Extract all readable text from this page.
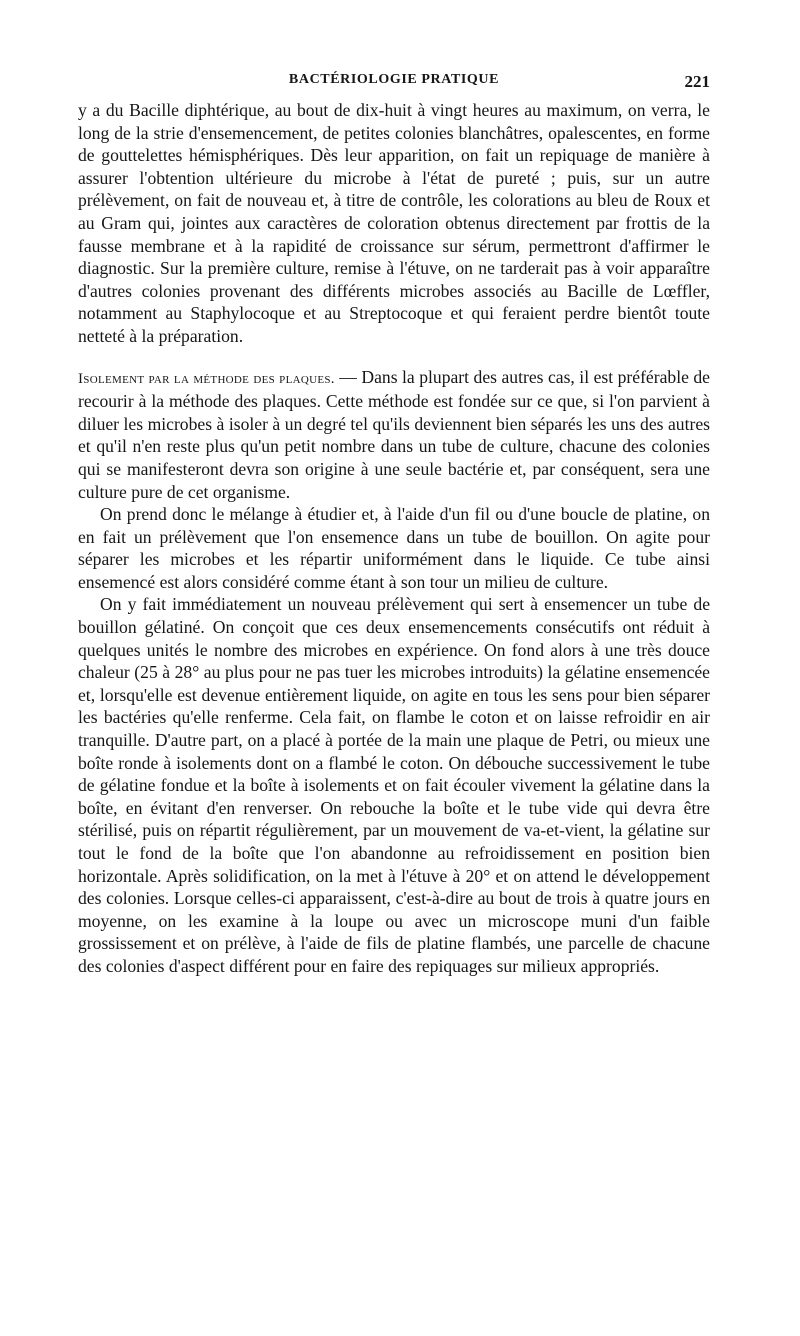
BACTÉRIOLOGIE PRATIQUE	221

y a du Bacille diphtérique, au bout de dix-huit à vingt heures au maximum, on verra, le long de la strie d'ensemencement, de petites colonies blanchâtres, opalescentes, en forme de gouttelettes hémisphériques. Dès leur apparition, on fait un repiquage de manière à assurer l'obtention ultérieure du microbe à l'état de pureté ; puis, sur un autre prélèvement, on fait de nouveau et, à titre de contrôle, les colorations au bleu de Roux et au Gram qui, jointes aux caractères de coloration obtenus directement par frottis de la fausse membrane et à la rapidité de croissance sur sérum, permettront d'affirmer le diagnostic. Sur la première culture, remise à l'étuve, on ne tarderait pas à voir apparaître d'autres colonies provenant des différents microbes associés au Bacille de Lœffler, notamment au Staphylocoque et au Streptocoque et qui feraient perdre bientôt toute netteté à la préparation.

Isolement par la méthode des plaques. — Dans la plupart des autres cas, il est préférable de recourir à la méthode des plaques. Cette méthode est fondée sur ce que, si l'on parvient à diluer les microbes à isoler à un degré tel qu'ils deviennent bien séparés les uns des autres et qu'il n'en reste plus qu'un petit nombre dans un tube de culture, chacune des colonies qui se manifesteront devra son origine à une seule bactérie et, par conséquent, sera une culture pure de cet organisme.

On prend donc le mélange à étudier et, à l'aide d'un fil ou d'une boucle de platine, on en fait un prélèvement que l'on ensemence dans un tube de bouillon. On agite pour séparer les microbes et les répartir uniformément dans le liquide. Ce tube ainsi ensemencé est alors considéré comme étant à son tour un milieu de culture.

On y fait immédiatement un nouveau prélèvement qui sert à ensemencer un tube de bouillon gélatiné. On conçoit que ces deux ensemencements consécutifs ont réduit à quelques unités le nombre des microbes en expérience. On fond alors à une très douce chaleur (25 à 28° au plus pour ne pas tuer les microbes introduits) la gélatine ensemencée et, lorsqu'elle est devenue entièrement liquide, on agite en tous les sens pour bien séparer les bactéries qu'elle renferme. Cela fait, on flambe le coton et on laisse refroidir en air tranquille. D'autre part, on a placé à portée de la main une plaque de Petri, ou mieux une boîte ronde à isolements dont on a flambé le coton. On débouche successivement le tube de gélatine fondue et la boîte à isolements et on fait écouler vivement la gélatine dans la boîte, en évitant d'en renverser. On rebouche la boîte et le tube vide qui devra être stérilisé, puis on répartit régulièrement, par un mouvement de va-et-vient, la gélatine sur tout le fond de la boîte que l'on abandonne au refroidissement en position bien horizontale. Après solidification, on la met à l'étuve à 20° et on attend le développement des colonies. Lorsque celles-ci apparaissent, c'est-à-dire au bout de trois à quatre jours en moyenne, on les examine à la loupe ou avec un microscope muni d'un faible grossissement et on prélève, à l'aide de fils de platine flambés, une parcelle de chacune des colonies d'aspect différent pour en faire des repiquages sur milieux appropriés.
